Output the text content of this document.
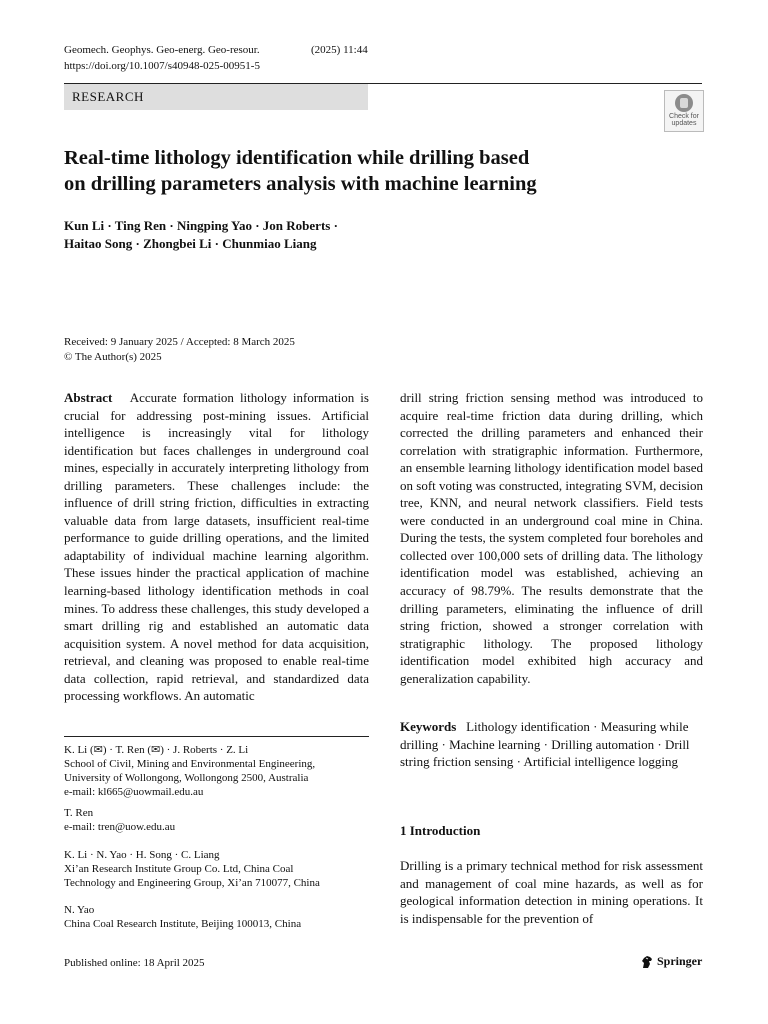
Geomech. Geophys. Geo-energ. Geo-resour.	(2025) 11:44
https://doi.org/10.1007/s40948-025-00951-5
RESEARCH
Check for
updates
Real-time lithology identification while drilling based
on drilling parameters analysis with machine learning
Kun Li · Ting Ren · Ningping Yao · Jon Roberts ·
Haitao Song · Zhongbei Li · Chunmiao Liang
Received: 9 January 2025 / Accepted: 8 March 2025
© The Author(s) 2025
Abstract Accurate formation lithology information is crucial for addressing post-mining issues. Artificial intelligence is increasingly vital for lithology identification but faces challenges in underground coal mines, especially in accurately interpreting lithology from drilling parameters. These challenges include: the influence of drill string friction, difficulties in extracting valuable data from large datasets, insufficient real-time performance to guide drilling operations, and the limited adaptability of individual machine learning algorithm. These issues hinder the practical application of machine learning-based lithology identification methods in coal mines. To address these challenges, this study developed a smart drilling rig and established an automatic data acquisition system. A novel method for data acquisition, retrieval, and cleaning was proposed to enable real-time data collection, rapid retrieval, and standardized data processing workflows. An automatic
drill string friction sensing method was introduced to acquire real-time friction data during drilling, which corrected the drilling parameters and enhanced their correlation with stratigraphic information. Furthermore, an ensemble learning lithology identification model based on soft voting was constructed, integrating SVM, decision tree, KNN, and neural network classifiers. Field tests were conducted in an underground coal mine in China. During the tests, the system completed four boreholes and collected over 100,000 sets of drilling data. The lithology identification model was established, achieving an accuracy of 98.79%. The results demonstrate that the drilling parameters, eliminating the influence of drill string friction, showed a stronger correlation with stratigraphic lithology. The proposed lithology identification model exhibited high accuracy and generalization capability.
Keywords Lithology identification · Measuring while drilling · Machine learning · Drilling automation · Drill string friction sensing · Artificial intelligence logging
K. Li (✉) · T. Ren (✉) · J. Roberts · Z. Li
School of Civil, Mining and Environmental Engineering,
University of Wollongong, Wollongong 2500, Australia
e-mail: kl665@uowmail.edu.au
T. Ren
e-mail: tren@uow.edu.au
K. Li · N. Yao · H. Song · C. Liang
Xi’an Research Institute Group Co. Ltd, China Coal
Technology and Engineering Group, Xi’an 710077, China
N. Yao
China Coal Research Institute, Beijing 100013, China
1 Introduction
Drilling is a primary technical method for risk assessment and management of coal mine hazards, as well as for geological information detection in mining operations. It is indispensable for the prevention of
Published online: 18 April 2025	Springer
